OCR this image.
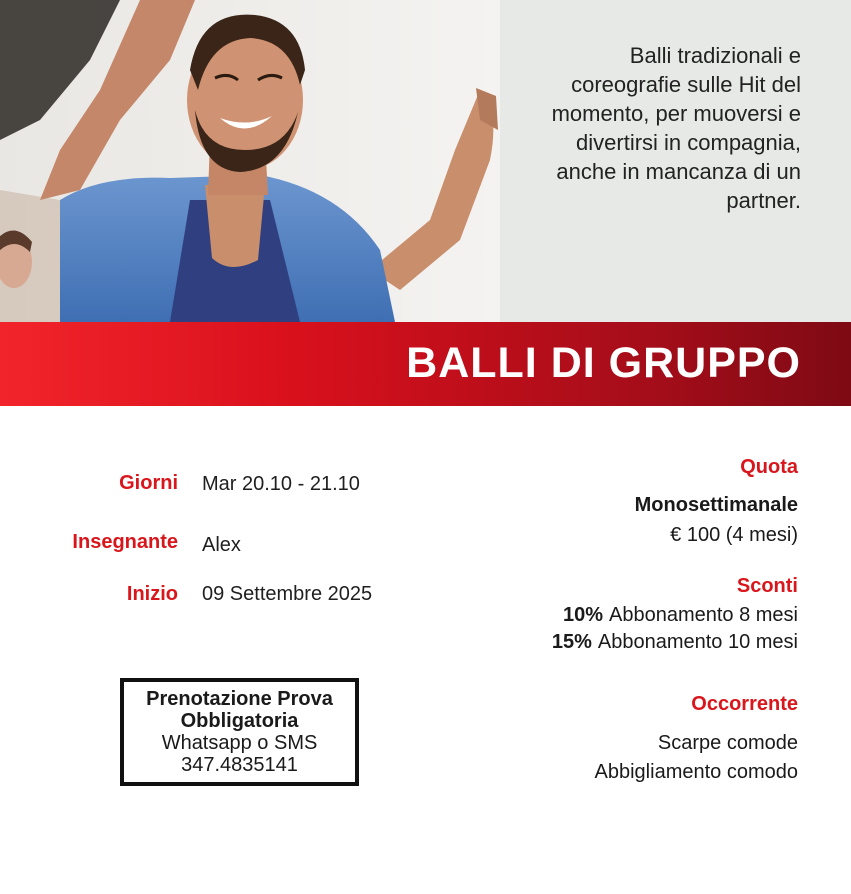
Balli tradizionali e
coreografie sulle Hit del
momento, per muoversi e
divertirsi in compagnia,
anche in mancanza di un
partner.
BALLI DI GRUPPO
Giorni Mar 20.10 - 21.10
Insegnante Alex
Inizio 09 Settembre 2025
Prenotazione Prova
Obbligatoria
Whatsapp o SMS
347.4835141
Quota
Monosettimanale
€ 100 (4 mesi)
Sconti
10% Abbonamento 8 mesi
15% Abbonamento 10 mesi
Occorrente
Scarpe comode
Abbigliamento comodo
